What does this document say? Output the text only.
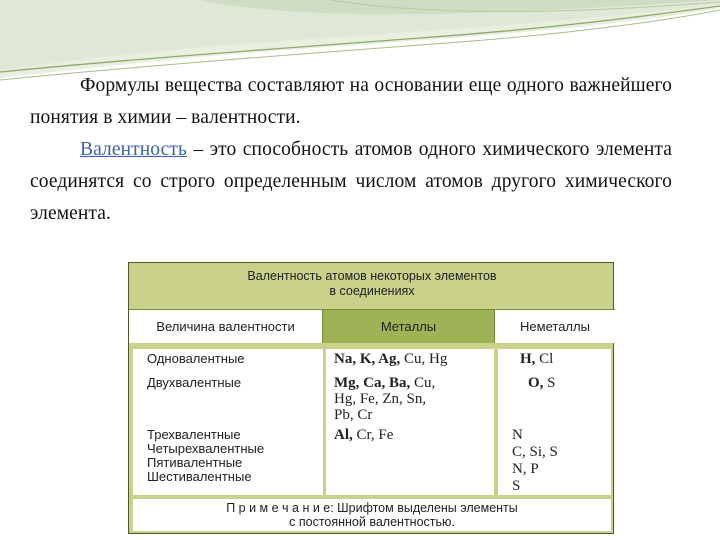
Формулы вещества составляют на основании еще одного важнейшего понятия в химии – валентности.

Валентность – это способность атомов одного химического элемента соединятся со строго определенным числом атомов другого химического элемента.

Валентность атомов некоторых элементов
в соединениях
Величина валентности	Металлы	Неметаллы
Одновалентные
Двухвалентные
Трехвалентные
Четырехвалентные
Пятивалентные
Шестивалентные
Na, K, Ag, Cu, Hg
Mg, Ca, Ba, Cu,
Hg, Fe, Zn, Sn,
Pb, Cr
Al, Cr, Fe
H, Cl
O, S
N
C, Si, S
N, P
S
П р и м е ч а н и е: Шрифтом выделены элементы
с постоянной валентностью.
